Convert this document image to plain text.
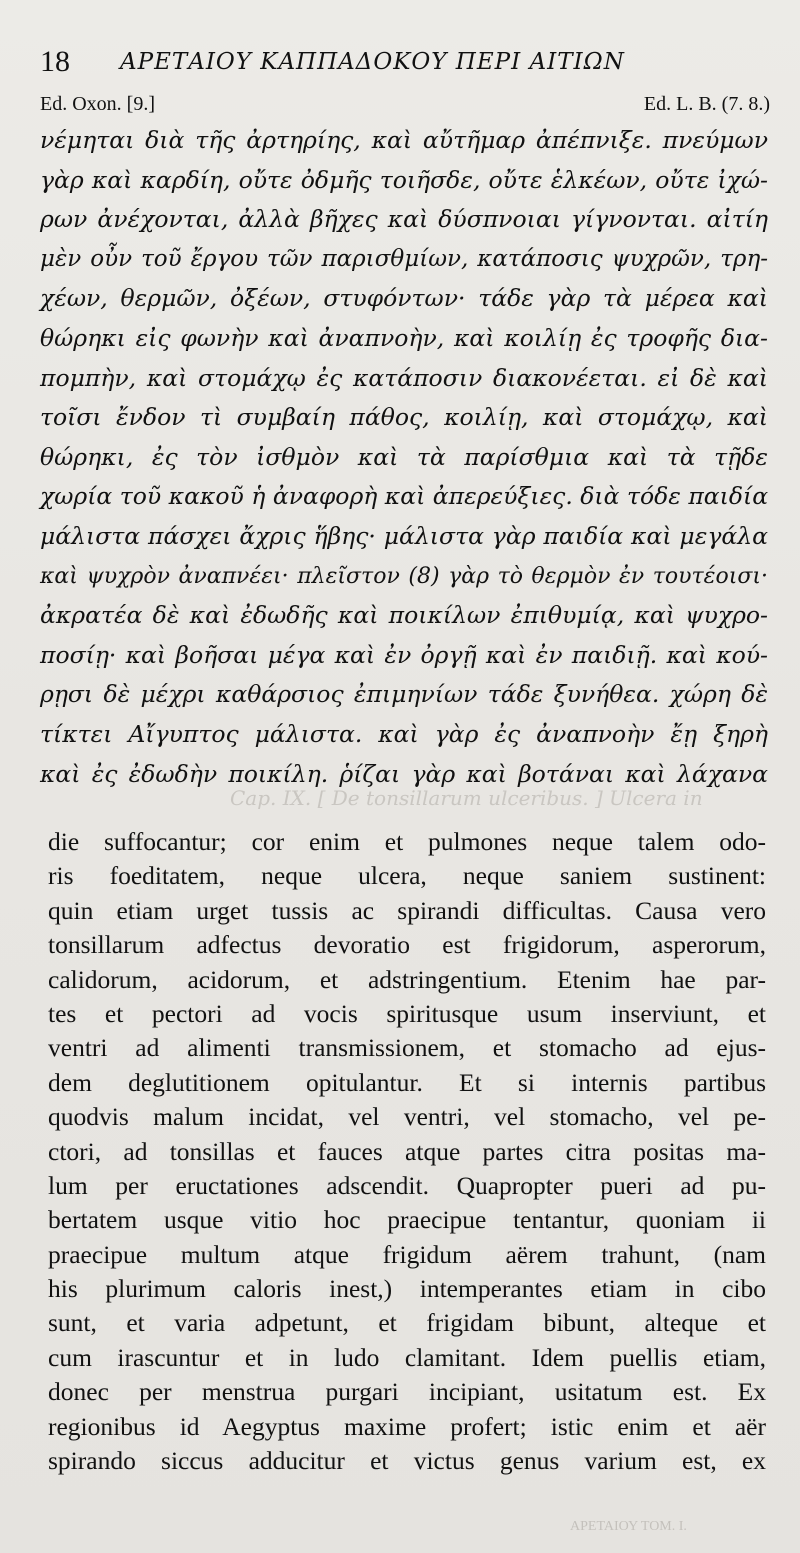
18 ΑΡΕΤΑΙΟΥ ΚΑΠΠΑΔΟΚΟΥ ΠΕΡΙ ΑΙΤΙΩΝ
Ed. Oxon. [9.]	Ed. L. B. (7. 8.)
νέμηται διὰ τῆς ἀρτηρίης, καὶ αὔτῆμαρ ἀπέπνιξε. πνεύμων
γὰρ καὶ καρδίη, οὔτε ὀδμῆς τοιῆσδε, οὔτε ἑλκέων, οὔτε ἰχώ-
ρων ἀνέχονται, ἀλλὰ βῆχες καὶ δύσπνοιαι γίγνονται. αἰτίη
μὲν οὖν τοῦ ἔργου τῶν παρισθμίων, κατάποσις ψυχρῶν, τρη-
χέων, θερμῶν, ὀξέων, στυφόντων· τάδε γὰρ τὰ μέρεα καὶ
θώρηκι εἰς φωνὴν καὶ ἀναπνοὴν, καὶ κοιλίῃ ἐς τροφῆς δια-
πομπὴν, καὶ στομάχῳ ἐς κατάποσιν διακονέεται. εἰ δὲ καὶ
τοῖσι ἔνδον τὶ συμβαίη πάθος, κοιλίῃ, καὶ στομάχῳ, καὶ
θώρηκι, ἐς τὸν ἰσθμὸν καὶ τὰ παρίσθμια καὶ τὰ τῇδε
χωρία τοῦ κακοῦ ἡ ἀναφορὴ καὶ ἀπερεύξιες. διὰ τόδε παιδία
μάλιστα πάσχει ἄχρις ἥβης· μάλιστα γὰρ παιδία καὶ μεγάλα
καὶ ψυχρὸν ἀναπνέει· πλεῖστον (8) γὰρ τὸ θερμὸν ἐν τουτέοισι·
ἀκρατέα δὲ καὶ ἐδωδῆς καὶ ποικίλων ἐπιθυμίᾳ, καὶ ψυχρο-
ποσίῃ· καὶ βοῆσαι μέγα καὶ ἐν ὀργῇ καὶ ἐν παιδιῇ. καὶ κού-
ρῃσι δὲ μέχρι καθάρσιος ἐπιμηνίων τάδε ξυνήθεα. χώρη δὲ
τίκτει Αἴγυπτος μάλιστα. καὶ γὰρ ἐς ἀναπνοὴν ἔῃ ξηρὴ
καὶ ἐς ἐδωδὴν ποικίλη. ῥίζαι γὰρ καὶ βοτάναι καὶ λάχανα
Cap. IX. [ De tonsillarum ulceribus. ] Ulcera in
die suffocantur; cor enim et pulmones neque talem odo-
ris foeditatem, neque ulcera, neque saniem sustinent:
quin etiam urget tussis ac spirandi difficultas. Causa vero
tonsillarum adfectus devoratio est frigidorum, asperorum,
calidorum, acidorum, et adstringentium. Etenim hae par-
tes et pectori ad vocis spiritusque usum inserviunt, et
ventri ad alimenti transmissionem, et stomacho ad ejus-
dem deglutitionem opitulantur. Et si internis partibus
quodvis malum incidat, vel ventri, vel stomacho, vel pe-
ctori, ad tonsillas et fauces atque partes citra positas ma-
lum per eructationes adscendit. Quapropter pueri ad pu-
bertatem usque vitio hoc praecipue tentantur, quoniam ii
praecipue multum atque frigidum aërem trahunt, (nam
his plurimum caloris inest,) intemperantes etiam in cibo
sunt, et varia adpetunt, et frigidam bibunt, alteque et
cum irascuntur et in ludo clamitant. Idem puellis etiam,
donec per menstrua purgari incipiant, usitatum est. Ex
regionibus id Aegyptus maxime profert; istic enim et aër
spirando siccus adducitur et victus genus varium est, ex
ΑΡΕΤΑΙΟΥ ΤΟΜ. Ι.
